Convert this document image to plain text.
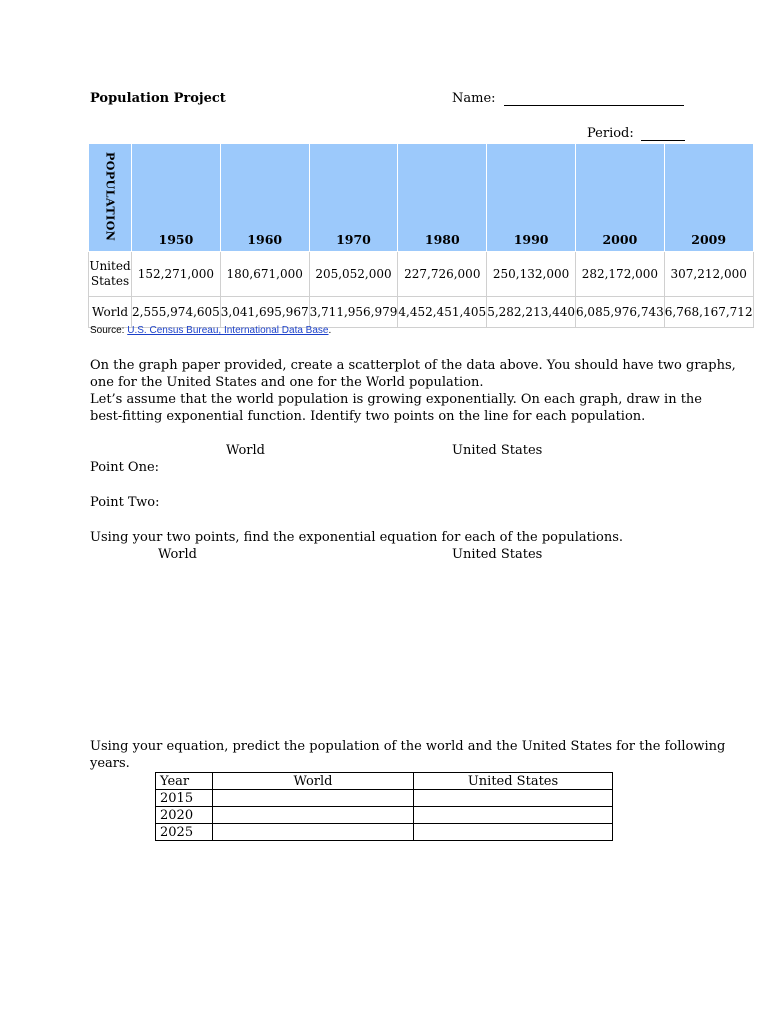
Population Project	Name:
Period:
POPULATION	1950	1960	1970	1980	1990	2000	2009
United
States	152,271,000	180,671,000	205,052,000	227,726,000	250,132,000	282,172,000	307,212,000
World	2,555,974,605	3,041,695,967	3,711,956,979	4,452,451,405	5,282,213,440	6,085,976,743	6,768,167,712
Source: U.S. Census Bureau, International Data Base.
On the graph paper provided, create a scatterplot of the data above. You should have two graphs,
one for the United States and one for the World population.
Let’s assume that the world population is growing exponentially. On each graph, draw in the
best-fitting exponential function. Identify two points on the line for each population.
World	United States
Point One:
Point Two:
Using your two points, find the exponential equation for each of the populations.
World	United States
Using your equation, predict the population of the world and the United States for the following
years.
Year	World	United States
2015		
2020		
2025		
